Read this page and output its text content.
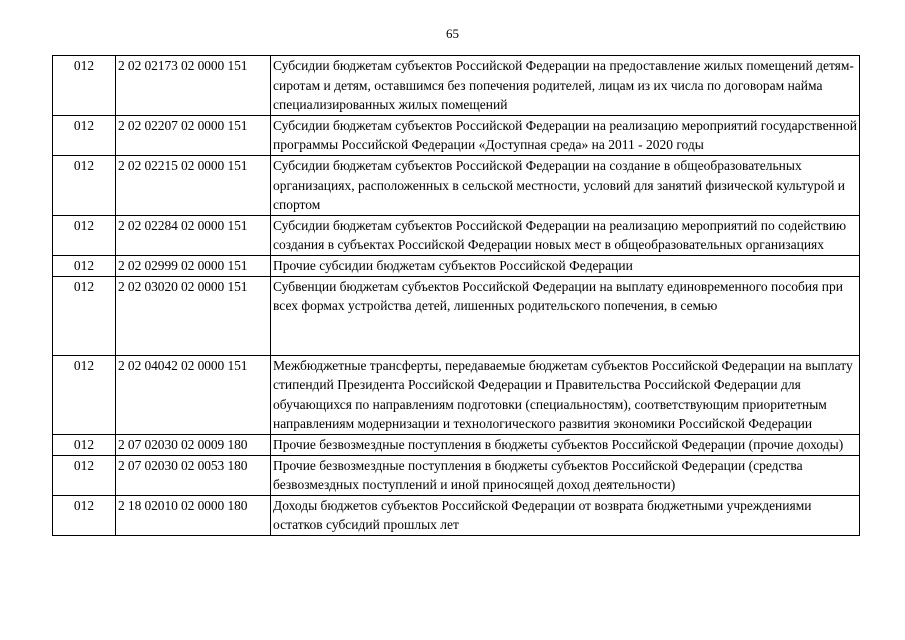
65
012	2 02 02173 02 0000 151	Субсидии бюджетам субъектов Российской Федерации на предоставление жилых помещений детям-сиротам и детям, оставшимся без попечения родителей, лицам из их числа по договорам найма специализированных жилых помещений
012	2 02 02207 02 0000 151	Субсидии бюджетам субъектов Российской Федерации на реализацию мероприятий государственной программы Российской Федерации «Доступная среда» на 2011 - 2020 годы
012	2 02 02215 02 0000 151	Субсидии бюджетам субъектов Российской Федерации на создание в общеобразовательных организациях, расположенных в сельской местности, условий для занятий физической культурой и спортом
012	2 02 02284 02 0000 151	Субсидии бюджетам субъектов Российской Федерации на реализацию мероприятий по содействию создания в субъектах Российской Федерации новых мест в общеобразовательных организациях
012	2 02 02999 02 0000 151	Прочие субсидии бюджетам субъектов Российской Федерации
012	2 02 03020 02 0000 151	Субвенции бюджетам субъектов Российской Федерации на выплату единовременного пособия при всех формах устройства детей, лишенных родительского попечения, в семью
012	2 02 04042 02 0000 151	Межбюджетные трансферты, передаваемые бюджетам субъектов Российской Федерации на выплату стипендий Президента Российской Федерации и Правительства Российской Федерации для обучающихся по направлениям подготовки (специальностям), соответствующим приоритетным направлениям модернизации и технологического развития экономики Российской Федерации
012	2 07 02030 02 0009 180	Прочие безвозмездные поступления в бюджеты субъектов Российской Федерации (прочие доходы)
012	2 07 02030 02 0053 180	Прочие безвозмездные поступления в бюджеты субъектов Российской Федерации (средства безвозмездных поступлений и иной приносящей доход деятельности)
012	2 18 02010 02 0000 180	Доходы бюджетов субъектов Российской Федерации от возврата бюджетными учреждениями остатков субсидий прошлых лет
